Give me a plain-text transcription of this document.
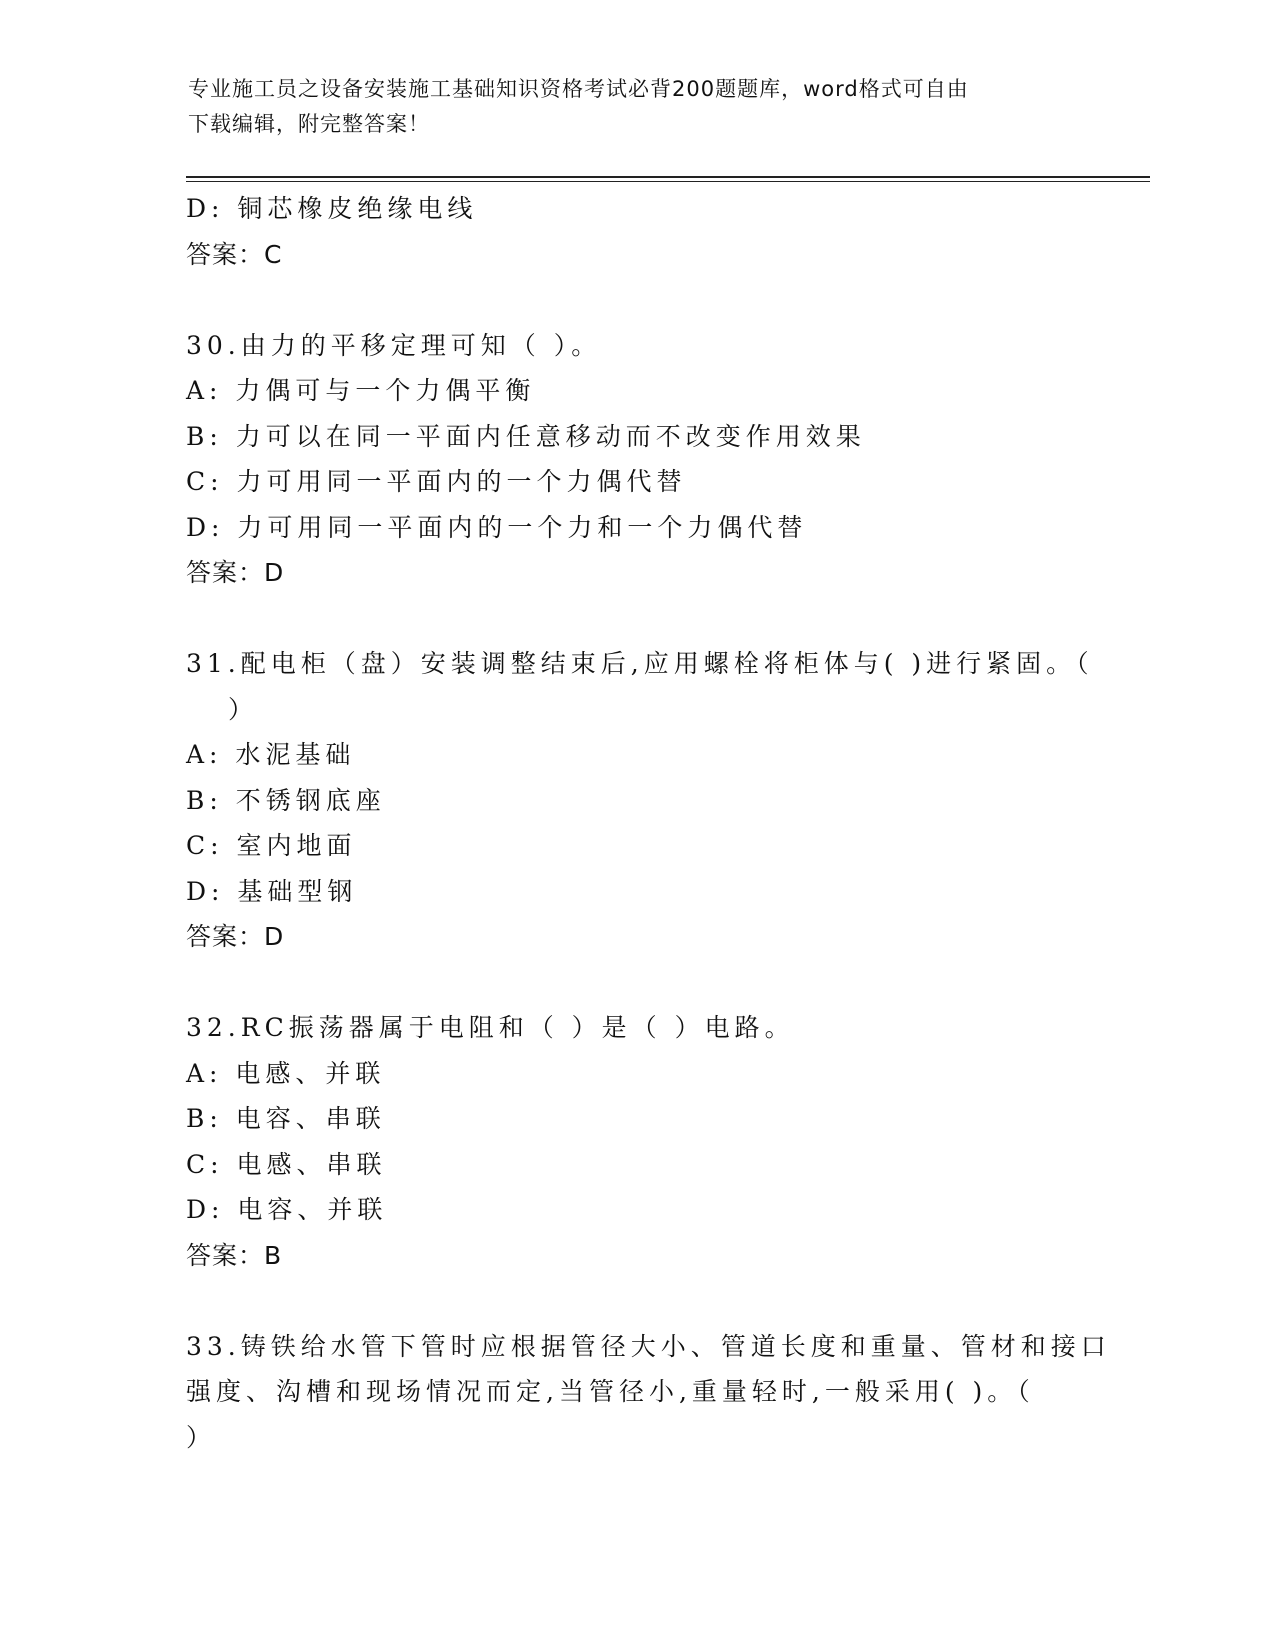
专业施工员之设备安装施工基础知识资格考试必背200题题库，word格式可自由
下载编辑，附完整答案！
D: 铜芯橡皮绝缘电线
答案：C
30.由力的平移定理可知（ ）。
A: 力偶可与一个力偶平衡
B: 力可以在同一平面内任意移动而不改变作用效果
C: 力可用同一平面内的一个力偶代替
D: 力可用同一平面内的一个力和一个力偶代替
答案：D
31.配电柜（盘）安装调整结束后,应用螺栓将柜体与( )进行紧固。（
）
A: 水泥基础
B: 不锈钢底座
C: 室内地面
D: 基础型钢
答案：D
32.RC振荡器属于电阻和（ ）是（ ）电路。
A: 电感、并联
B: 电容、串联
C: 电感、串联
D: 电容、并联
答案：B
33.铸铁给水管下管时应根据管径大小、管道长度和重量、管材和接口
强度、沟槽和现场情况而定,当管径小,重量轻时,一般采用( )。（
）
